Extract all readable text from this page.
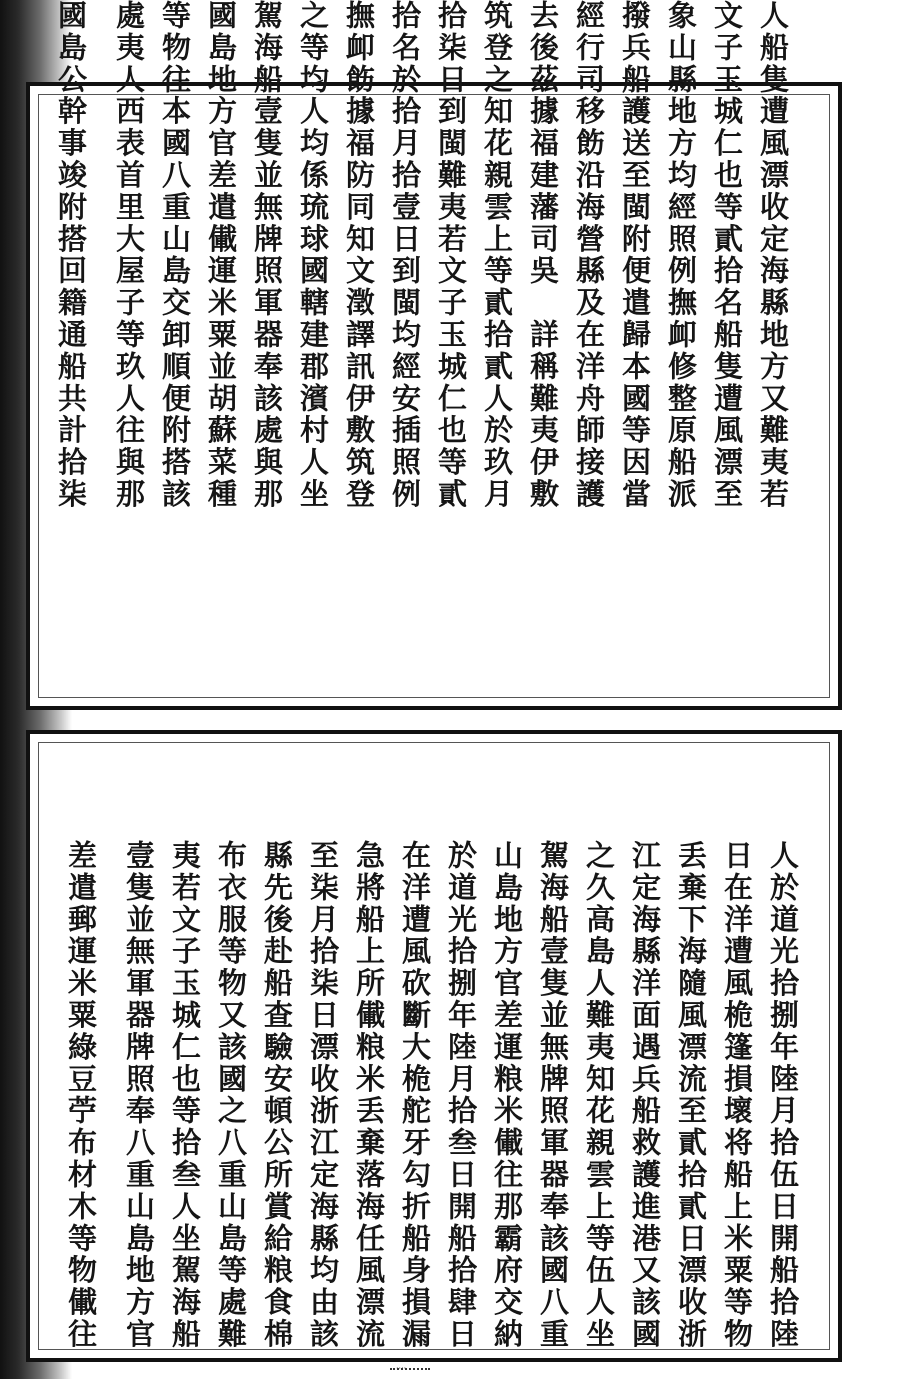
人船隻遭風漂收定海縣地方又難夷若
文子玉城仁也等貳拾名船隻遭風漂至
象山縣地方均經照例撫卹修整原船派
撥兵船護送至閩附便遣歸本國等因當
經行司移飭沿海營縣及在洋舟師接護
去後茲據福建藩司吳　詳稱難夷伊敷
筑登之知花親雲上等貳拾貳人於玖月
拾柒日到閩難夷若文子玉城仁也等貳
拾名於拾月拾壹日到閩均經安插照例
撫卹飭據福防同知文澂譯訊伊敷筑登
之等均人均係琉球國轄建郡濱村人坐
駕海船壹隻並無牌照軍器奉該處與那
國島地方官差遣儎運米粟並胡蘇菜種
等物往本國八重山島交卸順便附搭該
處夷人西表首里大屋子等玖人往與那
國島公幹事竣附搭回籍通船共計拾柒
人於道光拾捌年陸月拾伍日開船拾陸
日在洋遭風桅篷損壞将船上米粟等物
丢棄下海隨風漂流至貳拾貳日漂收浙
江定海縣洋面遇兵船救護進港又該國
之久高島人難夷知花親雲上等伍人坐
駕海船壹隻並無牌照軍器奉該國八重
山島地方官差運粮米儎往那霸府交納
於道光拾捌年陸月拾叁日開船拾肆日
在洋遭風砍斷大桅舵牙勾折船身損漏
急將船上所儎粮米丢棄落海任風漂流
至柒月拾柒日漂收浙江定海縣均由該
縣先後赴船查驗安頓公所賞給粮食棉
布衣服等物又該國之八重山島等處難
夷若文子玉城仁也等拾叁人坐駕海船
壹隻並無軍器牌照奉八重山島地方官
差遣郵運米粟綠豆苧布材木等物儎往
····
